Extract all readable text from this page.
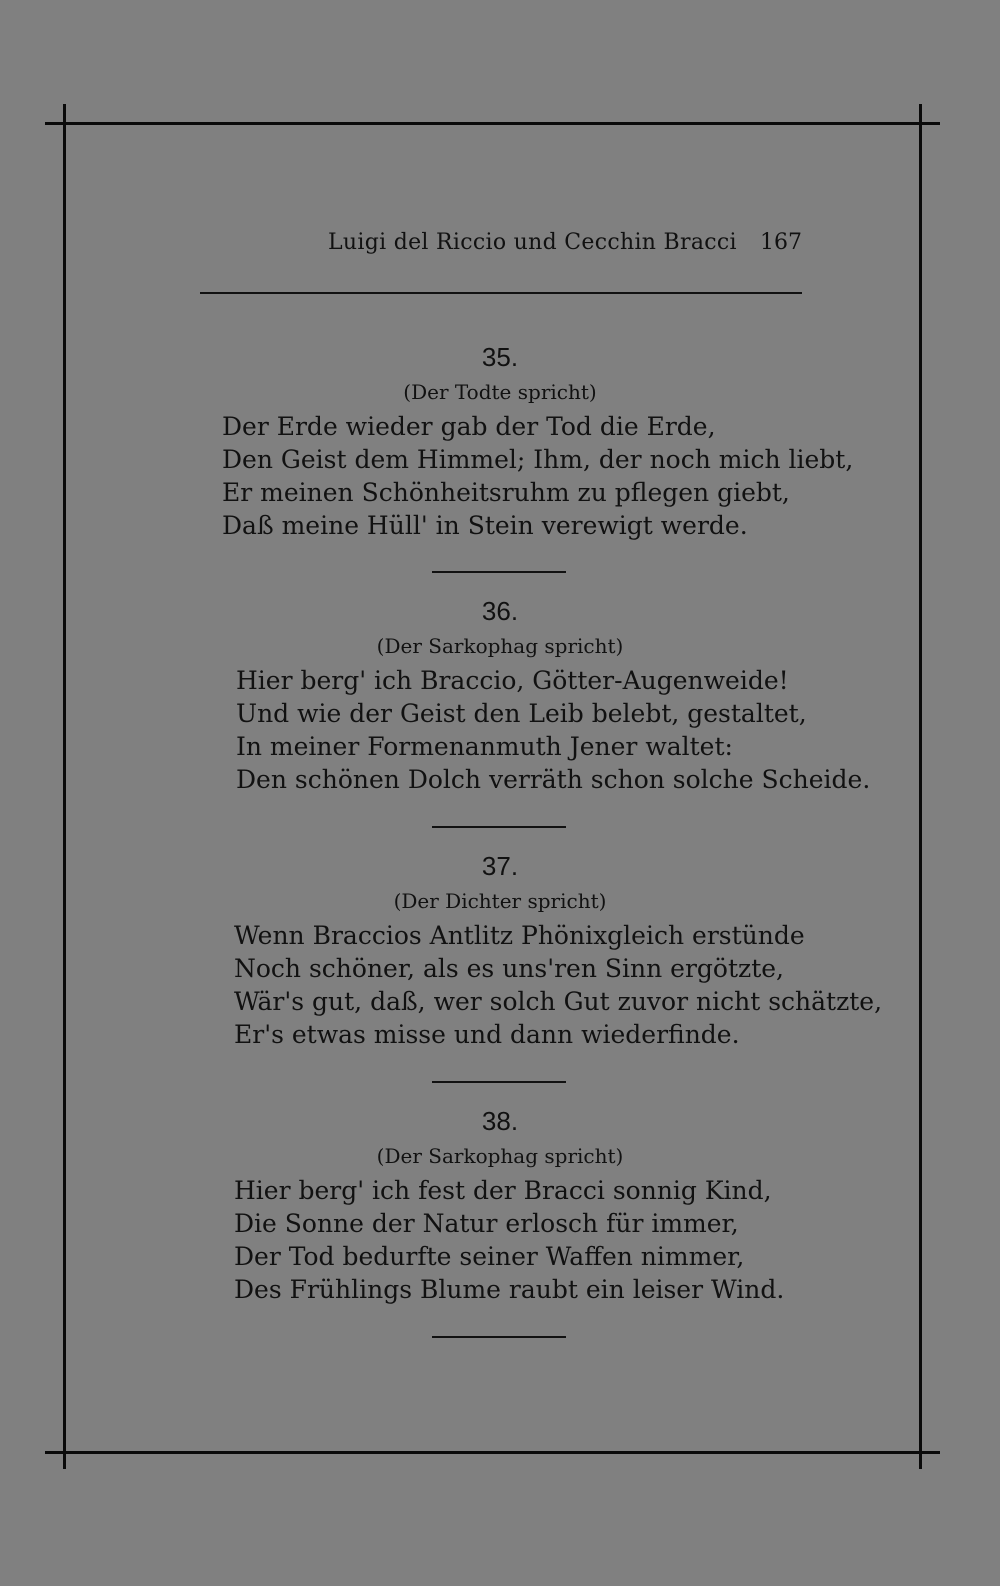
Luigi del Riccio und Cecchin Bracci 167
35.
(Der Todte spricht)
Der Erde wieder gab der Tod die Erde,
Den Geist dem Himmel; Ihm, der noch mich liebt,
Er meinen Schönheitsruhm zu pflegen giebt,
Daß meine Hüll' in Stein verewigt werde.
36.
(Der Sarkophag spricht)
Hier berg' ich Braccio, Götter-Augenweide!
Und wie der Geist den Leib belebt, gestaltet,
In meiner Formenanmuth Jener waltet:
Den schönen Dolch verräth schon solche Scheide.
37.
(Der Dichter spricht)
Wenn Braccios Antlitz Phönixgleich erstünde
Noch schöner, als es uns'ren Sinn ergötzte,
Wär's gut, daß, wer solch Gut zuvor nicht schätzte,
Er's etwas misse und dann wiederfinde.
38.
(Der Sarkophag spricht)
Hier berg' ich fest der Bracci sonnig Kind,
Die Sonne der Natur erlosch für immer,
Der Tod bedurfte seiner Waffen nimmer,
Des Frühlings Blume raubt ein leiser Wind.
